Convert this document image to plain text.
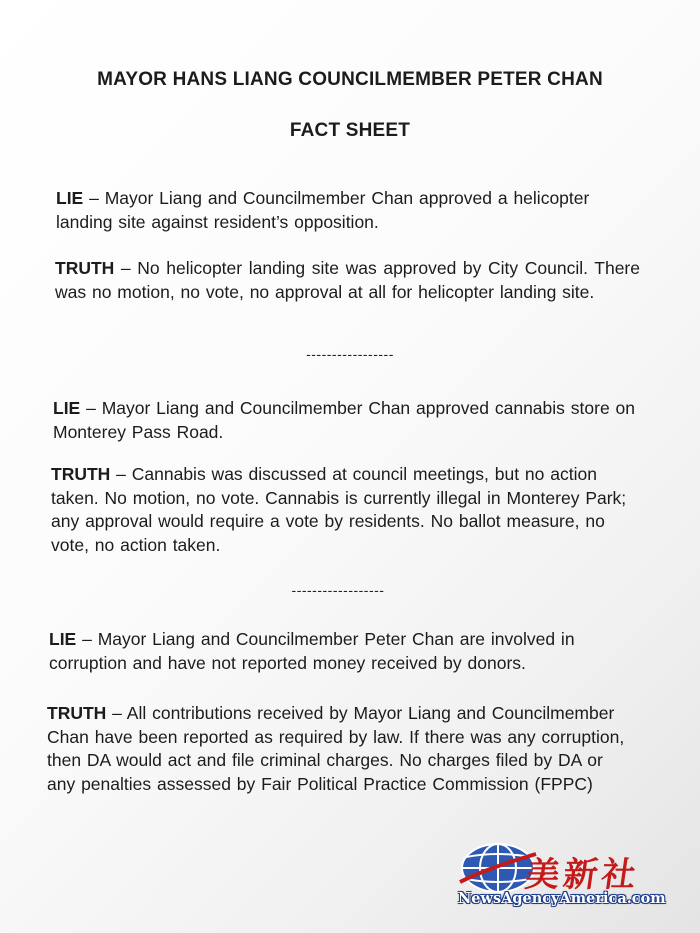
MAYOR HANS LIANG COUNCILMEMBER PETER CHAN
FACT SHEET
LIE – Mayor Liang and Councilmember Chan approved a helicopter landing site against resident’s opposition.
TRUTH – No helicopter landing site was approved by City Council. There was no motion, no vote, no approval at all for helicopter landing site.
-----------------
LIE – Mayor Liang and Councilmember Chan approved cannabis store on Monterey Pass Road.
TRUTH – Cannabis was discussed at council meetings, but no action taken. No motion, no vote. Cannabis is currently illegal in Monterey Park; any approval would require a vote by residents. No ballot measure, no vote, no action taken.
------------------
LIE – Mayor Liang and Councilmember Peter Chan are involved in corruption and have not reported money received by donors.
TRUTH – All contributions received by Mayor Liang and Councilmember Chan have been reported as required by law. If there was any corruption, then DA would act and file criminal charges. No charges filed by DA or any penalties assessed by Fair Political Practice Commission (FPPC)
美新社
NewsAgencyAmerica.com
